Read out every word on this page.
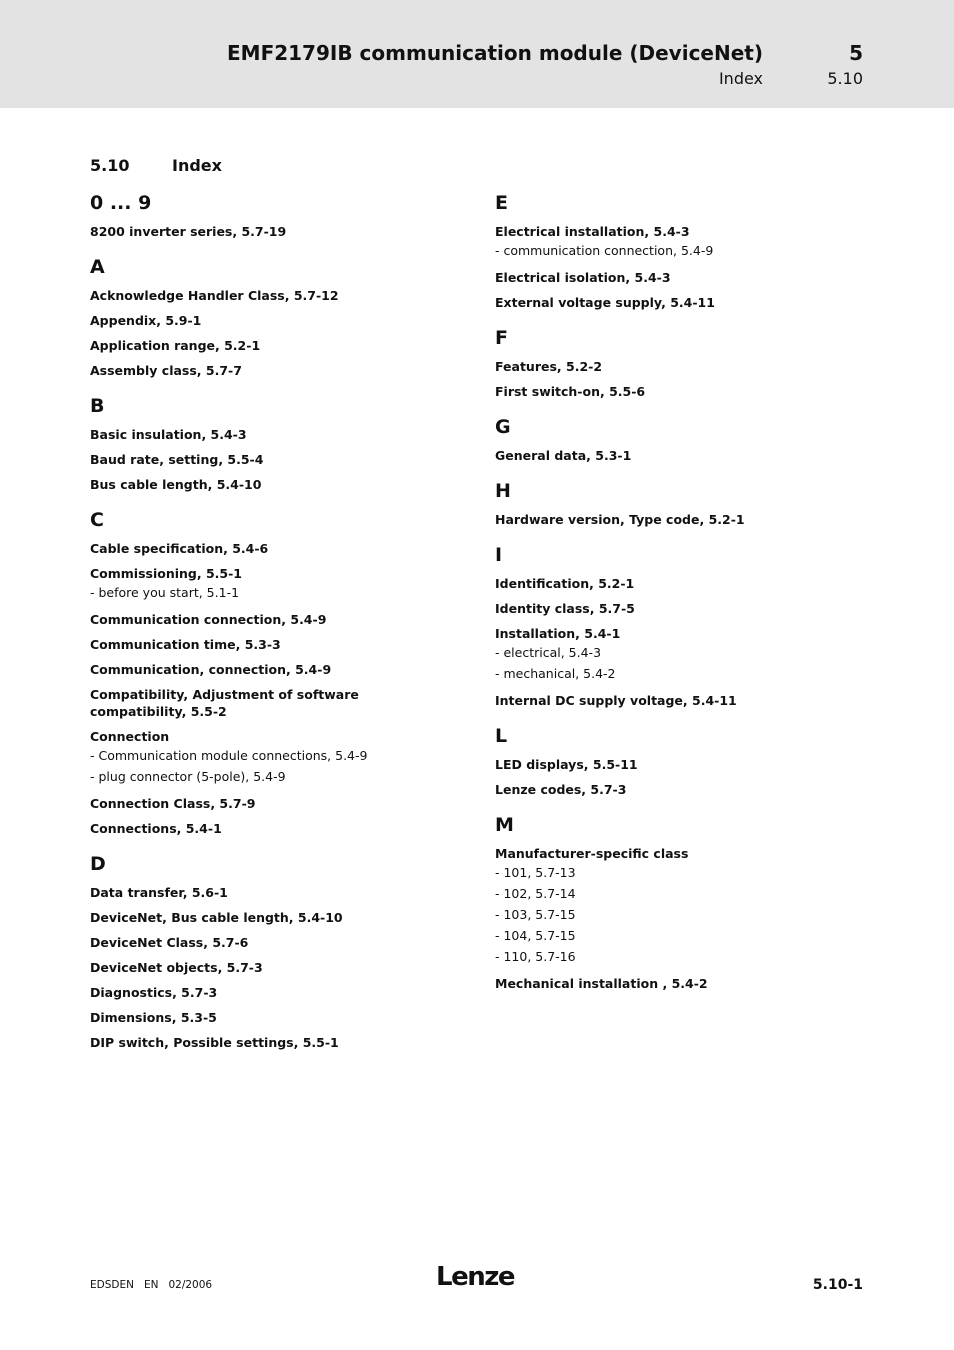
EMF2179IB communication module (DeviceNet)	5
Index	5.10
5.10	Index
0 ... 9
8200 inverter series, 5.7-19
A
Acknowledge Handler Class, 5.7-12
Appendix, 5.9-1
Application range, 5.2-1
Assembly class, 5.7-7
B
Basic insulation, 5.4-3
Baud rate, setting, 5.5-4
Bus cable length, 5.4-10
C
Cable specification, 5.4-6
Commissioning, 5.5-1
- before you start, 5.1-1
Communication connection, 5.4-9
Communication time, 5.3-3
Communication, connection, 5.4-9
Compatibility, Adjustment of software compatibility, 5.5-2
Connection
- Communication module connections, 5.4-9
- plug connector (5-pole), 5.4-9
Connection Class, 5.7-9
Connections, 5.4-1
D
Data transfer, 5.6-1
DeviceNet, Bus cable length, 5.4-10
DeviceNet Class, 5.7-6
DeviceNet objects, 5.7-3
Diagnostics, 5.7-3
Dimensions, 5.3-5
DIP switch, Possible settings, 5.5-1
E
Electrical installation, 5.4-3
- communication connection, 5.4-9
Electrical isolation, 5.4-3
External voltage supply, 5.4-11
F
Features, 5.2-2
First switch-on, 5.5-6
G
General data, 5.3-1
H
Hardware version, Type code, 5.2-1
I
Identification, 5.2-1
Identity class, 5.7-5
Installation, 5.4-1
- electrical, 5.4-3
- mechanical, 5.4-2
Internal DC supply voltage, 5.4-11
L
LED displays, 5.5-11
Lenze codes, 5.7-3
M
Manufacturer-specific class
- 101, 5.7-13
- 102, 5.7-14
- 103, 5.7-15
- 104, 5.7-15
- 110, 5.7-16
Mechanical installation , 5.4-2
EDSDEN EN 02/2006	Lenze	5.10-1
